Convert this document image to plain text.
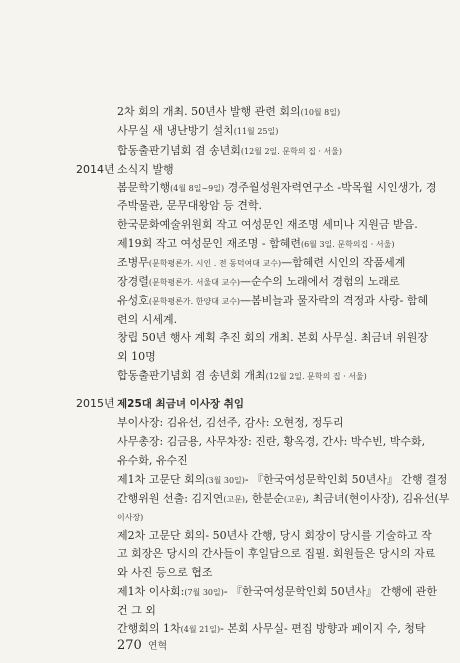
2차 회의 개최. 50년사 발행 관련 회의(10월 8일)
사무실 새 냉난방기 설치(11월 25일)
합동출판기념회 겸 송년회(12월 2일. 문학의 집 · 서울)
2014년 소식지 발행
봄문학기행(4월 8일~9일) 경주월성원자력연구소 -박목월 시인생가, 경
주박물관, 문무대왕암 등 견학.
한국문화예술위원회 작고 여성문인 재조명 세미나 지원금 받음.
제19회 작고 여성문인 재조명 - 함혜련(6월 3일. 문학의집 · 서울)
조병무(문학평론가. 시인 . 전 동덕여대 교수)—함혜련 시인의 작품세계
장경렬(문학평론가. 서울대 교수)—순수의 노래에서 경험의 노래로
유성호(문학평론가. 한양대 교수)—봄비늘과 물자락의 격정과 사랑- 함혜
련의 시세계.
창립 50년 행사 계획 추진 회의 개최. 본회 사무실. 최금녀 위원장
외 10명
합동출판기념회 겸 송년회 개최(12월 2일. 문학의 집 · 서울)
2015년 제25대 최금녀 이사장 취임
부이사장: 김유선, 김선주, 감사: 오현정, 정두리
사무총장: 김금용, 사무차장: 진란, 황옥경, 간사: 박수빈, 박수화,
유수화, 유수진
제1차 고문단 회의(3월 30일)- 『한국여성문학인회 50년사』 간행 결정
간행위원 선출: 김지연(고문), 한분순(고문), 최금녀(현이사장), 김유선(부
이사장)
제2차 고문단 회의- 50년사 간행, 당시 회장이 당시를 기술하고 작
고 회장은 당시의 간사들이 후일담으로 집필. 회원들은 당시의 자료
와 사진 등으로 협조
제1차 이사회:(7월 30일)- 『한국여성문학인회 50년사』 간행에 관한
건 그 외
간행회의 1차(4월 21일)- 본회 사무실- 편집 방향과 페이지 수, 청탁
270 연혁
